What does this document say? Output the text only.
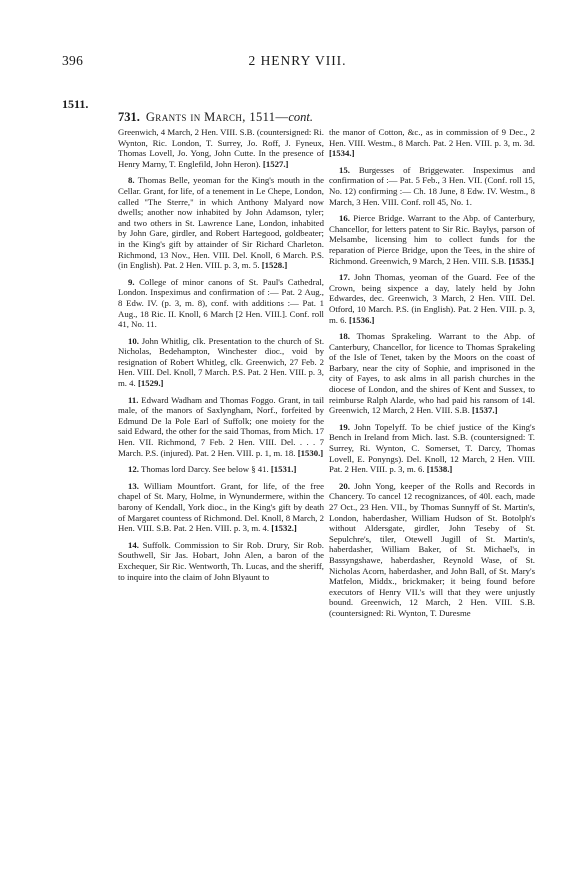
396	2 HENRY VIII.
1511.
731. Grants in March, 1511—cont.

Greenwich, 4 March, 2 Hen. VIII. S.B. (countersigned: Ri. Wynton, Ric. London, T. Surrey, Jo. Roff, J. Fyneux, Thomas Lovell, Jo. Yong, John Cutte. In the presence of Henry Marny, T. Englefild, John Heron). [1527.]

8. Thomas Belle, yeoman for the King's mouth in the Cellar. Grant, for life, of a tenement in Le Chepe, London, called "The Sterre," in which Anthony Malyard now dwells; another now inhabited by John Adamson, tyler; and two others in St. Lawrence Lane, London, inhabited by John Gare, girdler, and Robert Hartegood, goldbeater; in the King's gift by attainder of Sir Richard Charleton. Richmond, 13 Nov., Hen. VIII. Del. Knoll, 6 March. P.S. (in English). Pat. 2 Hen. VIII. p. 3, m. 5. [1528.]

9. College of minor canons of St. Paul's Cathedral, London. Inspeximus and confirmation of :— Pat. 2 Aug., 8 Edw. IV. (p. 3, m. 8), conf. with additions :— Pat. 1 Aug., 18 Ric. II. Knoll, 6 March [2 Hen. VIII.]. Conf. roll 41, No. 11.

10. John Whitlig, clk. Presentation to the church of St. Nicholas, Bedehampton, Winchester dioc., void by resignation of Robert Whitleg, clk. Greenwich, 27 Feb. 2 Hen. VIII. Del. Knoll, 7 March. P.S. Pat. 2 Hen. VIII. p. 3, m. 4. [1529.]

11. Edward Wadham and Thomas Foggo. Grant, in tail male, of the manors of Saxlyngham, Norf., forfeited by Edmund De la Pole Earl of Suffolk; one moiety for the said Edward, the other for the said Thomas, from Mich. 17 Hen. VII. Richmond, 7 Feb. 2 Hen. VIII. Del. . . . 7 March. P.S. (injured). Pat. 2 Hen. VIII. p. 1, m. 18. [1530.]

12. Thomas lord Darcy. See below § 41. [1531.]

13. William Mountfort. Grant, for life, of the free chapel of St. Mary, Holme, in Wynundermere, within the barony of Kendall, York dioc., in the King's gift by death of Margaret countess of Richmond. Del. Knoll, 8 March, 2 Hen. VIII. S.B. Pat. 2 Hen. VIII. p. 3, m. 4. [1532.]

14. Suffolk. Commission to Sir Rob. Drury, Sir Rob. Southwell, Sir Jas. Hobart, John Alen, a baron of the Exchequer, Sir Ric. Wentworth, Th. Lucas, and the sheriff, to inquire into the claim of John Blyaunt to

the manor of Cotton, &c., as in commission of 9 Dec., 2 Hen. VIII. Westm., 8 March. Pat. 2 Hen. VIII. p. 3, m. 3d. [1534.]

15. Burgesses of Briggewater. Inspeximus and confirmation of :— Pat. 5 Feb., 3 Hen. VII. (Conf. roll 15, No. 12) confirming :— Ch. 18 June, 8 Edw. IV. Westm., 8 March, 3 Hen. VIII. Conf. roll 45, No. 1.

16. Pierce Bridge. Warrant to the Abp. of Canterbury, Chancellor, for letters patent to Sir Ric. Baylys, parson of Melsambe, licensing him to collect funds for the reparation of Pierce Bridge, upon the Tees, in the shire of Richmond. Greenwich, 9 March, 2 Hen. VIII. S.B. [1535.]

17. John Thomas, yeoman of the Guard. Fee of the Crown, being sixpence a day, lately held by John Edwardes, dec. Greenwich, 3 March, 2 Hen. VIII. Del. Otford, 10 March. P.S. (in English). Pat. 2 Hen. VIII. p. 3, m. 6. [1536.]

18. Thomas Sprakeling. Warrant to the Abp. of Canterbury, Chancellor, for licence to Thomas Sprakeling of the Isle of Tenet, taken by the Moors on the coast of Barbary, near the city of Sophie, and imprisoned in the city of Fayes, to ask alms in all parish churches in the diocese of London, and the shires of Kent and Sussex, to reimburse Ralph Alarde, who had paid his ransom of 14l. Greenwich, 12 March, 2 Hen. VIII. S.B. [1537.]

19. John Topelyff. To be chief justice of the King's Bench in Ireland from Mich. last. S.B. (countersigned: T. Surrey, Ri. Wynton, C. Somerset, T. Darcy, Thomas Lovell, E. Ponyngs). Del. Knoll, 12 March, 2 Hen. VIII. Pat. 2 Hen. VIII. p. 3, m. 6. [1538.]

20. John Yong, keeper of the Rolls and Records in Chancery. To cancel 12 recognizances, of 40l. each, made 27 Oct., 23 Hen. VII., by Thomas Sunnyff of St. Martin's, London, haberdasher, William Hudson of St. Botolph's without Aldersgate, girdler, John Teseby of St. Sepulchre's, tiler, Otewell Jugill of St. Martin's, haberdasher, William Baker, of St. Michael's, in Bassyngshawe, haberdasher, Reynold Wase, of St. Nicholas Acorn, haberdasher, and John Ball, of St. Mary's Matfelon, Middx., brickmaker; it being found before executors of Henry VII.'s will that they were unjustly bound. Greenwich, 12 March, 2 Hen. VIII. S.B. (countersigned: Ri. Wynton, T. Duresme
